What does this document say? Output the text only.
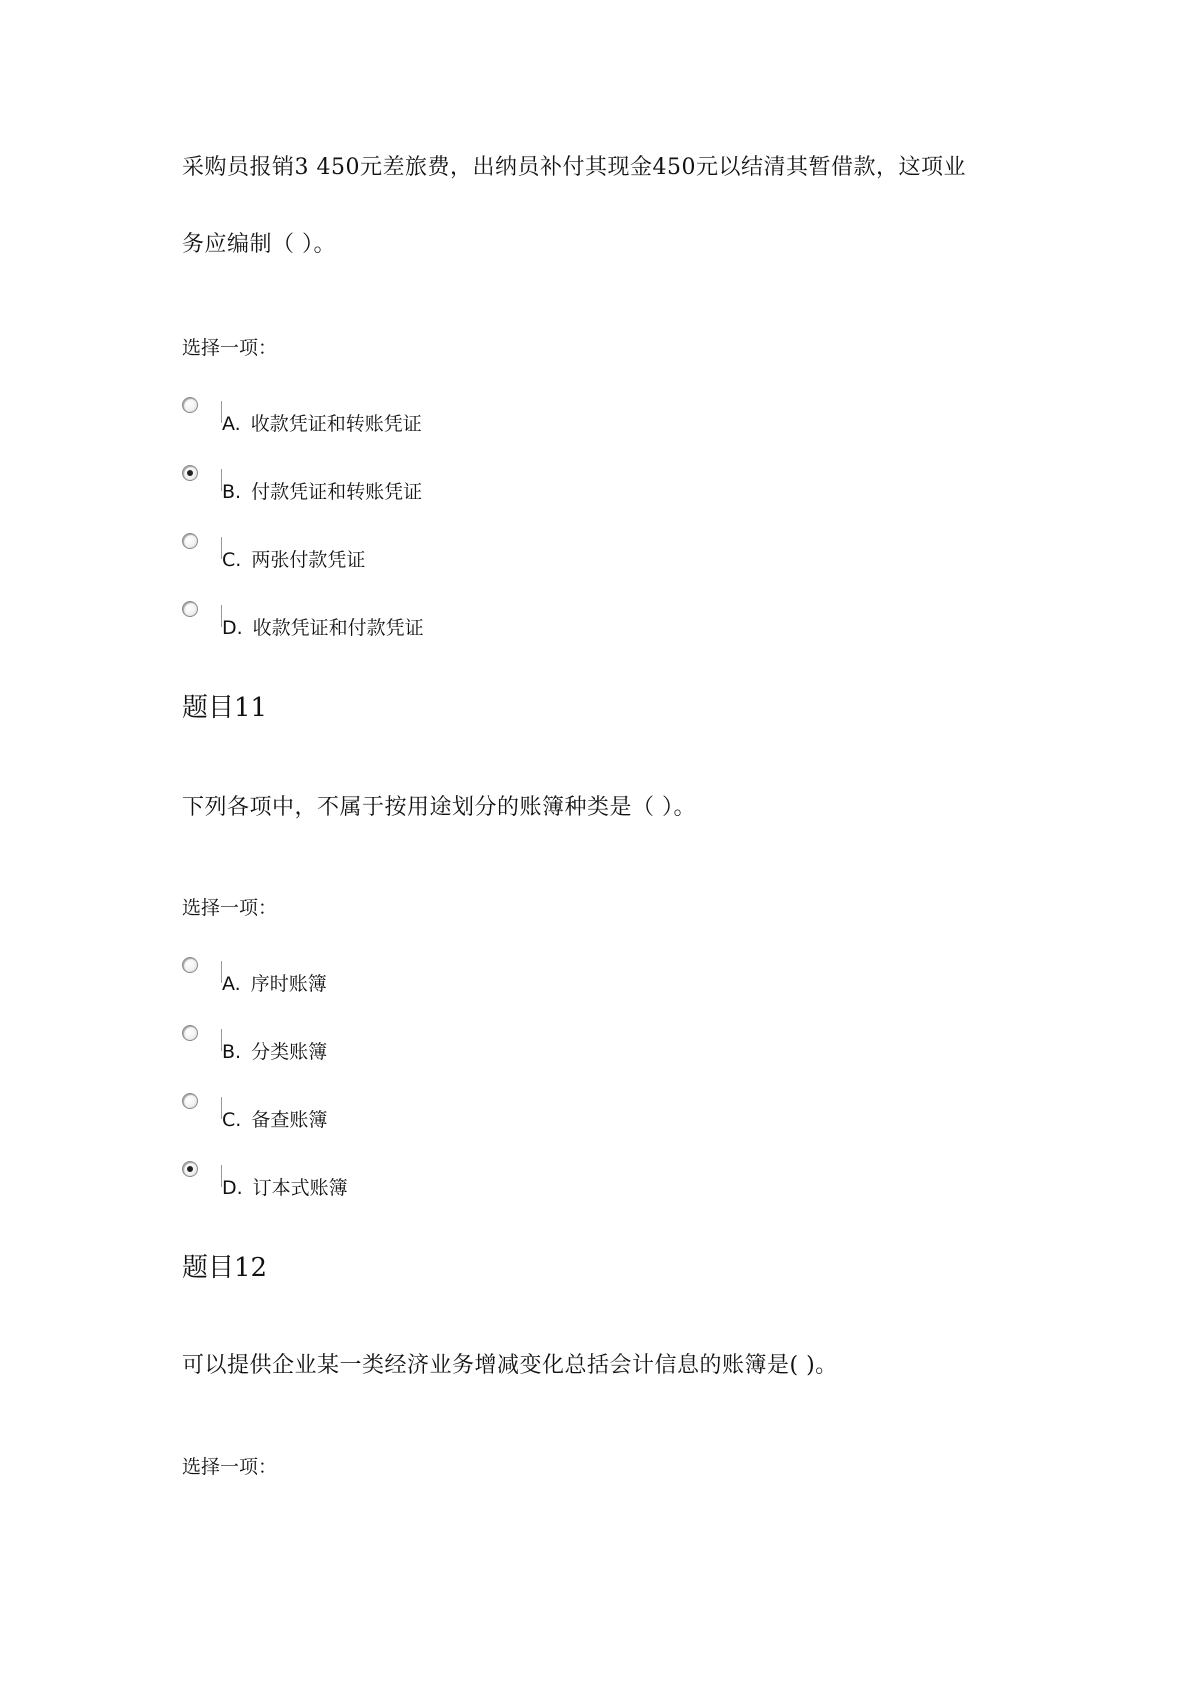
采购员报销3 450元差旅费，出纳员补付其现金450元以结清其暂借款，这项业
务应编制（ ）。
选择一项：
A. 收款凭证和转账凭证
B. 付款凭证和转账凭证
C. 两张付款凭证
D. 收款凭证和付款凭证
题目11
下列各项中，不属于按用途划分的账簿种类是（ ）。
选择一项：
A. 序时账簿
B. 分类账簿
C. 备查账簿
D. 订本式账簿
题目12
可以提供企业某一类经济业务增减变化总括会计信息的账簿是( )。
选择一项：
